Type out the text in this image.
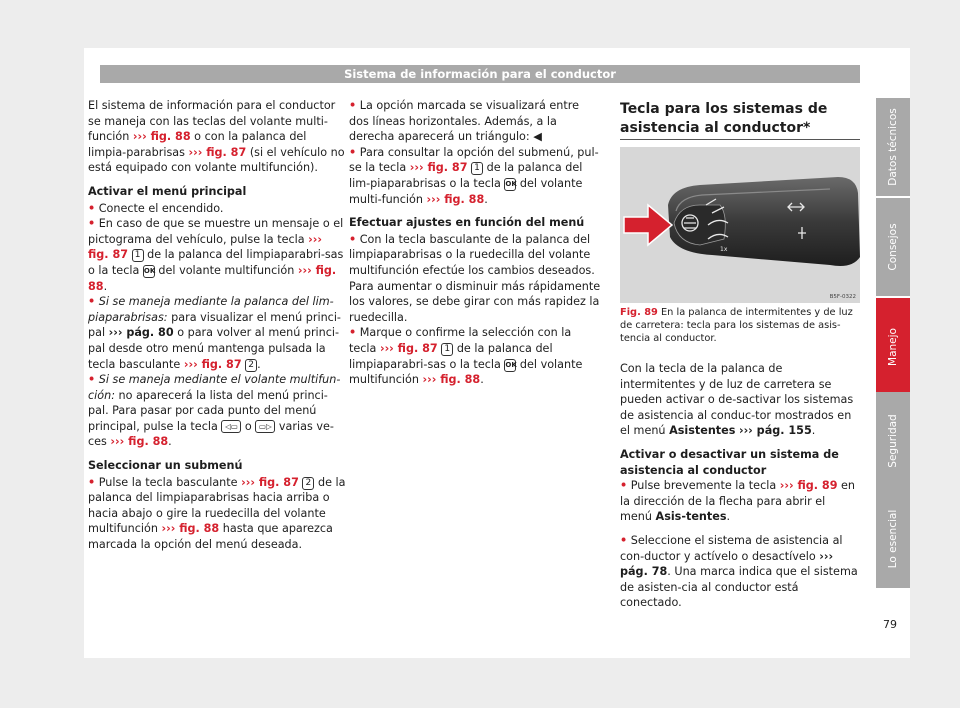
Sistema de información para el conductor

El sistema de información para el conductor se maneja con las teclas del volante multi-función ››› fig. 88 o con la palanca del limpia-parabrisas ››› fig. 87 (si el vehículo no está equipado con volante multifunción).

Activar el menú principal

• Conecte el encendido.

• En caso de que se muestre un mensaje o el pictograma del vehículo, pulse la tecla ››› fig. 87 1 de la palanca del limpiaparabri-sas o la tecla OK del volante multifunción ››› fig. 88.

• Si se maneja mediante la palanca del lim-piaparabrisas: para visualizar el menú princi-pal ››› pág. 80 o para volver al menú princi-pal desde otro menú mantenga pulsada la tecla basculante ››› fig. 87 2 .

• Si se maneja mediante el volante multifun-ción: no aparecerá la lista del menú princi-pal. Para pasar por cada punto del menú principal, pulse la tecla ◁▭ o ▭▷ varias ve-ces ››› fig. 88.

Seleccionar un submenú

• Pulse la tecla basculante ››› fig. 87 2 de la palanca del limpiaparabrisas hacia arriba o hacia abajo o gire la ruedecilla del volante multifunción ››› fig. 88 hasta que aparezca marcada la opción del menú deseada.

• La opción marcada se visualizará entre dos líneas horizontales. Además, a la derecha aparecerá un triángulo: ◀

• Para consultar la opción del submenú, pul-se la tecla ››› fig. 87 1 de la palanca del lim-piaparabrisas o la tecla OK del volante multi-función ››› fig. 88.

Efectuar ajustes en función del menú

• Con la tecla basculante de la palanca del limpiaparabrisas o la ruedecilla del volante multifunción efectúe los cambios deseados. Para aumentar o disminuir más rápidamente los valores, se debe girar con más rapidez la ruedecilla.

• Marque o confirme la selección con la tecla ››› fig. 87 1 de la palanca del limpiaparabri-sas o la tecla OK del volante multifunción ››› fig. 88.

Tecla para los sistemas de asistencia al conductor*
1x
B5F-0322
Fig. 89 En la palanca de intermitentes y de luz de carretera: tecla para los sistemas de asis-tencia al conductor.

Con la tecla de la palanca de intermitentes y de luz de carretera se pueden activar o de-sactivar los sistemas de asistencia al conduc-tor mostrados en el menú Asistentes ››› pág. 155.

Activar o desactivar un sistema de asistencia al conductor

• Pulse brevemente la tecla ››› fig. 89 en la dirección de la flecha para abrir el menú Asis-tentes.

• Seleccione el sistema de asistencia al con-ductor y actívelo o desactívelo ››› pág. 78. Una marca indica que el sistema de asisten-cia al conductor está conectado.

Datos técnicos
Consejos
Manejo
Seguridad
Lo esencial
79
